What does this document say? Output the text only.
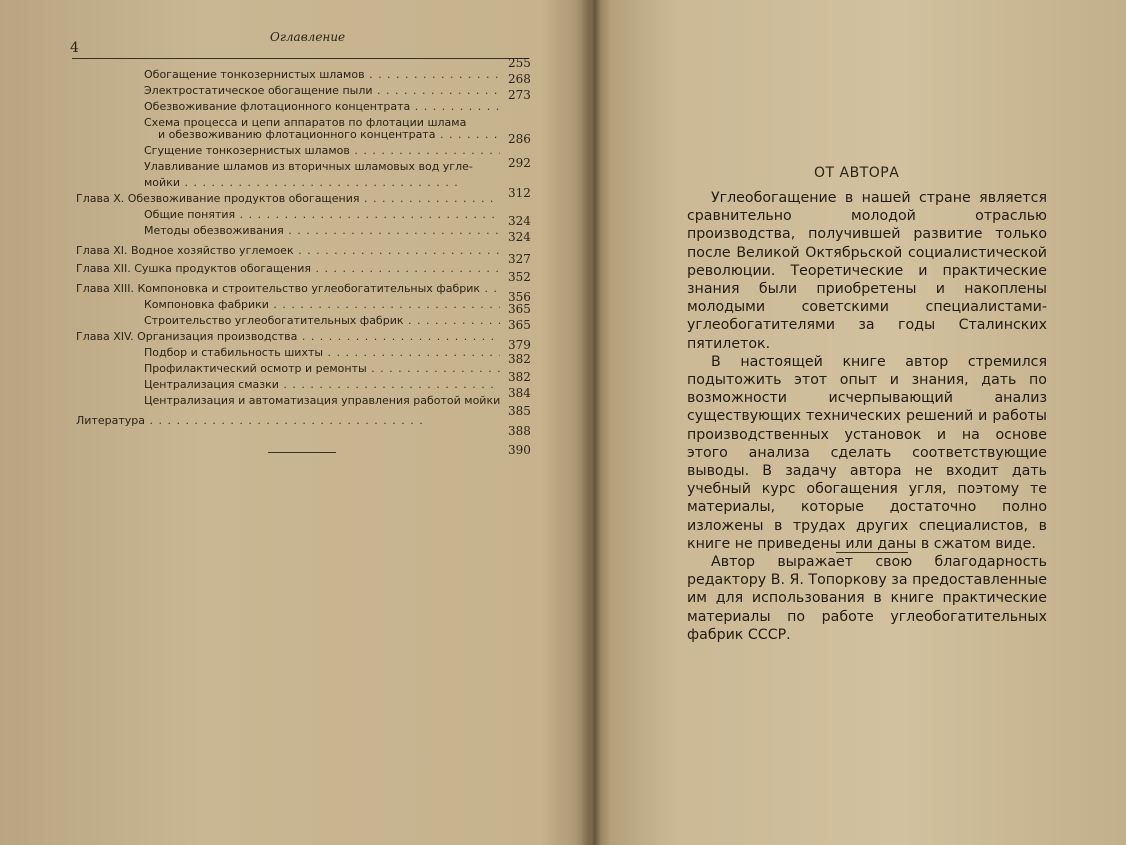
4
Оглавление
Обогащение тонкозернистых шламов . . .
Электростатическое обогащение пыли . . .
Обезвоживание флотационного концентрата . . .
Схема процесса и цепи аппаратов по флотации шлама
и обезвоживанию флотационного концентрата . . .
Сгущение тонкозернистых шламов . . .
Улавливание шламов из вторичных шламовых вод угле-
мойки . . .
Глава X. Обезвоживание продуктов обогащения . . .
Общие понятия . . .
Методы обезвоживания . . .
Глава XI. Водное хозяйство углемоек . . .
Глава XII. Сушка продуктов обогащения . . .
Глава XIII. Компоновка и строительство углеобогатительных фабрик . . .
Компоновка фабрики . . .
Строительство углеобогатительных фабрик . . .
Глава XIV. Организация производства . . .
Подбор и стабильность шихты . . .
Профилактический осмотр и ремонты . . .
Централизация смазки . . .
Централизация и автоматизация управления работой мойки . . .
Литература . . .
255
268
273
286
292
312
324
324
327
352
356
365
365
379
382
382
384
385
388
390
ОТ АВТОРА

Углеобогащение в нашей стране является сравнительно молодой отраслью производства, получившей развитие только после Великой Октябрьской социалистической революции. Теоретические и практические знания были приобретены и накоплены молодыми советскими специалистами-углеобогатителями за годы Сталинских пятилеток.

В настоящей книге автор стремился подытожить этот опыт и знания, дать по возможности исчерпывающий анализ существующих технических решений и работы производственных установок и на основе этого анализа сделать соответствующие выводы. В задачу автора не входит дать учебный курс обогащения угля, поэтому те материалы, которые достаточно полно изложены в трудах других специалистов, в книге не приведены или даны в сжатом виде.

Автор выражает свою благодарность редактору В. Я. Топоркову за предоставленные им для использования в книге практические материалы по работе углеобогатительных фабрик СССР.
